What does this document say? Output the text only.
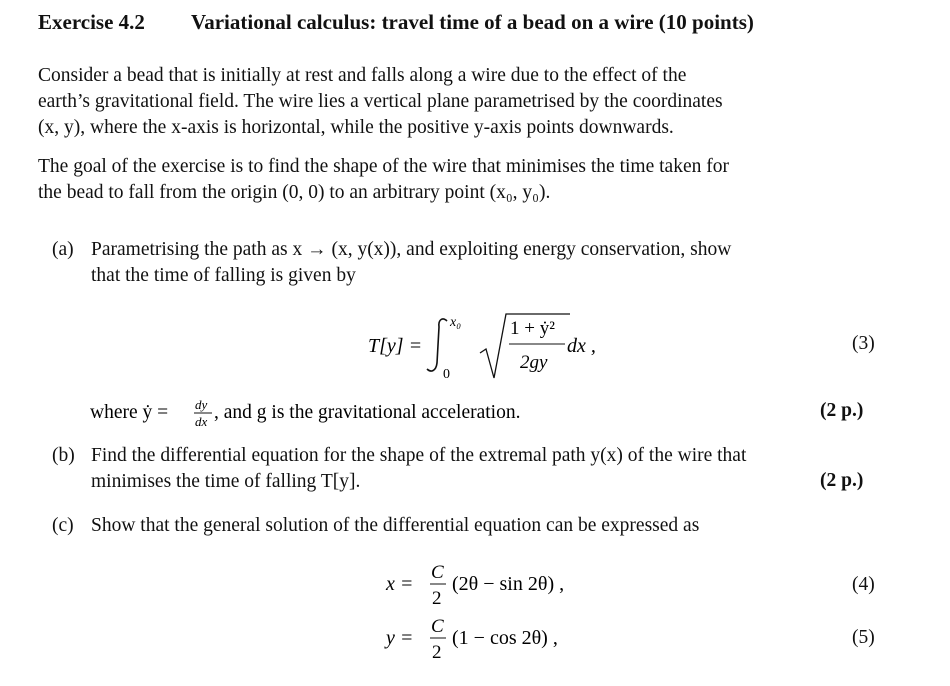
Exercise 4.2 Variational calculus: travel time of a bead on a wire (10 points)
Consider a bead that is initially at rest and falls along a wire due to the effect of the
earth’s gravitational field. The wire lies a vertical plane parametrised by the coordinates
(x, y), where the x-axis is horizontal, while the positive y-axis points downwards.
The goal of the exercise is to find the shape of the wire that minimises the time taken for
the bead to fall from the origin (0, 0) to an arbitrary point (x₀, y₀).
(a) Parametrising the path as x → (x, y(x)), and exploiting energy conservation, show
that the time of falling is given by
T[y] =
x₀
0
1 + ẏ²
2gy
dx ,	(3)
where ẏ = dy
dx , and g is the gravitational acceleration.	(2 p.)
(b) Find the differential equation for the shape of the extremal path y(x) of the wire that
minimises the time of falling T[y].	(2 p.)
(c) Show that the general solution of the differential equation can be expressed as
x =
C
2
(2θ − sin 2θ) ,	(4)
y =
C
2
(1 − cos 2θ) ,	(5)
